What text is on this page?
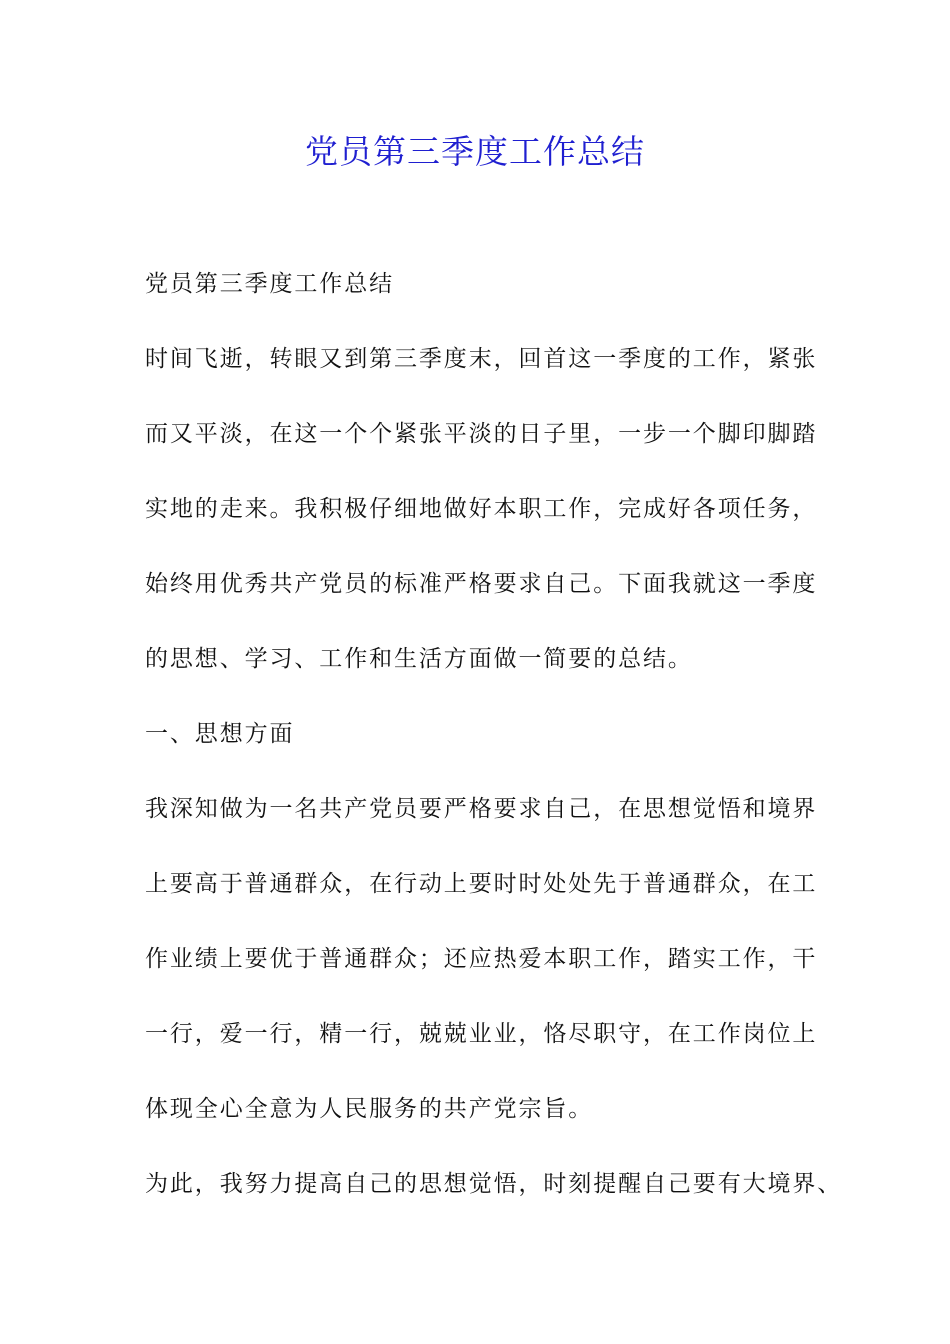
党员第三季度工作总结
党员第三季度工作总结
时间飞逝，转眼又到第三季度末，回首这一季度的工作，紧张
而又平淡，在这一个个紧张平淡的日子里，一步一个脚印脚踏
实地的走来。我积极仔细地做好本职工作，完成好各项任务，
始终用优秀共产党员的标准严格要求自己。下面我就这一季度
的思想、学习、工作和生活方面做一简要的总结。
一、思想方面
我深知做为一名共产党员要严格要求自己，在思想觉悟和境界
上要高于普通群众，在行动上要时时处处先于普通群众，在工
作业绩上要优于普通群众；还应热爱本职工作，踏实工作，干
一行，爱一行，精一行，兢兢业业，恪尽职守，在工作岗位上
体现全心全意为人民服务的共产党宗旨。
为此，我努力提高自己的思想觉悟，时刻提醒自己要有大境界、
